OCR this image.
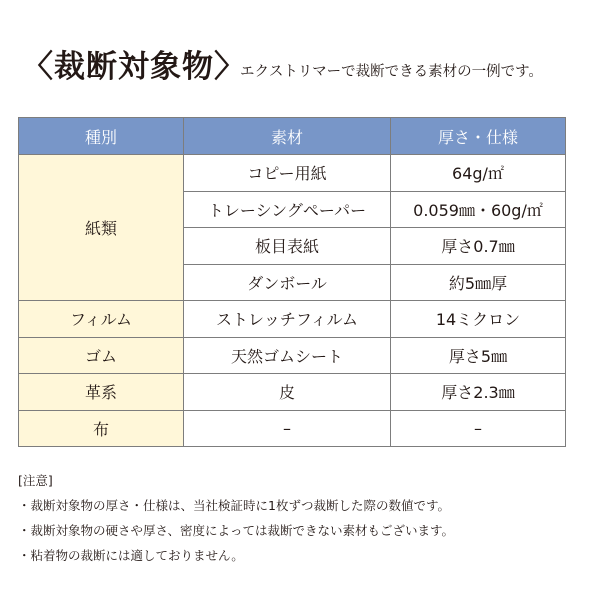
〈裁断対象物〉
エクストリマーで裁断できる素材の一例です。
種別	素材	厚さ・仕様
紙類	コピー用紙	64g/㎡
	トレーシングペーパー	0.059㎜・60g/㎡
	板目表紙	厚さ0.7㎜
	ダンボール	約5㎜厚
フィルム	ストレッチフィルム	14ミクロン
ゴム	天然ゴムシート	厚さ5㎜
革系	皮	厚さ2.3㎜
布	–	–
[注意]
・裁断対象物の厚さ・仕様は、当社検証時に1枚ずつ裁断した際の数値です。
・裁断対象物の硬さや厚さ、密度によっては裁断できない素材もございます。
・粘着物の裁断には適しておりません。
